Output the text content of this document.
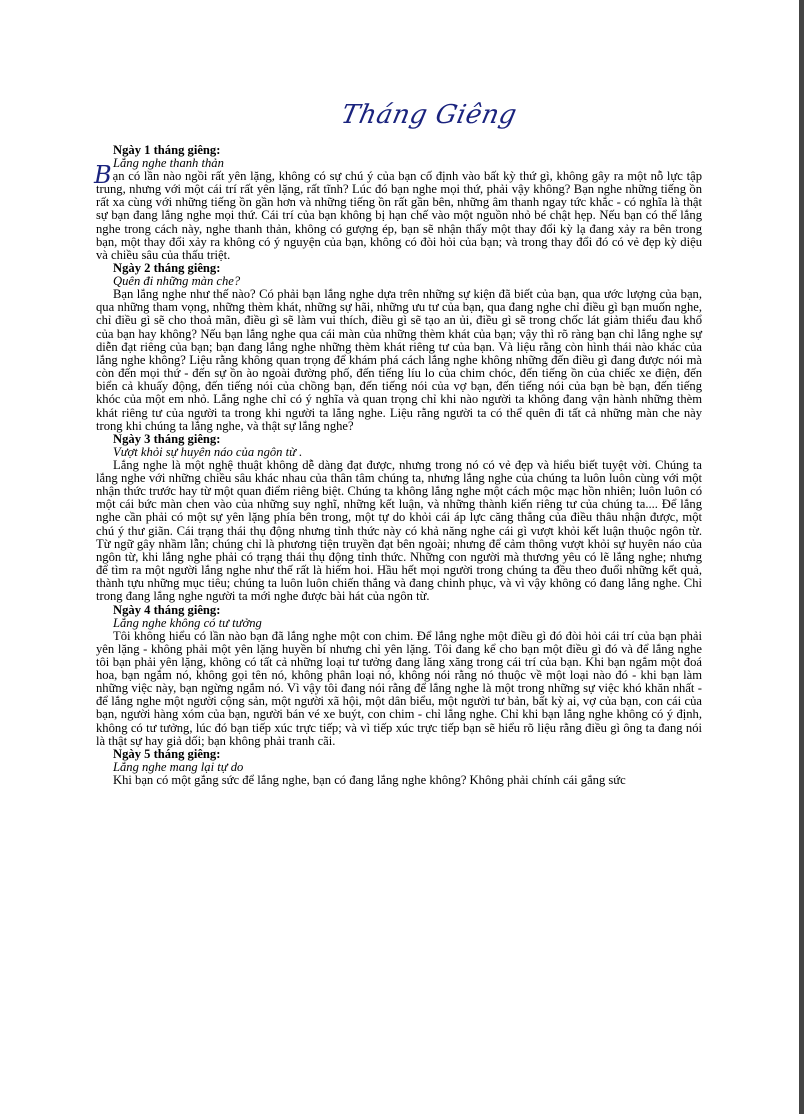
Tháng Giêng

Ngày 1 tháng giêng:

Lắng nghe thanh thản

Bạn có lần nào ngồi rất yên lặng, không có sự chú ý của bạn cố định vào bất kỳ thứ gì, không gây ra một nỗ lực tập trung, nhưng với một cái trí rất yên lặng, rất tĩnh? Lúc đó bạn nghe mọi thứ, phải vậy không? Bạn nghe những tiếng ồn rất xa cùng với những tiếng ồn gần hơn và những tiếng ồn rất gần bên, những âm thanh ngay tức khắc - có nghĩa là thật sự bạn đang lắng nghe mọi thứ. Cái trí của bạn không bị hạn chế vào một nguồn nhỏ bé chật hẹp. Nếu bạn có thể lắng nghe trong cách này, nghe thanh thản, không có gượng ép, bạn sẽ nhận thấy một thay đổi kỳ lạ đang xảy ra bên trong bạn, một thay đổi xảy ra không có ý nguyện của bạn, không có đòi hỏi của bạn; và trong thay đổi đó có vẻ đẹp kỳ diệu và chiều sâu của thấu triệt.

Ngày 2 tháng giêng:

Quên đi những màn che?

Bạn lắng nghe như thế nào? Có phải bạn lắng nghe dựa trên những sự kiện đã biết của bạn, qua ước lượng của bạn, qua những tham vọng, những thèm khát, những sự hãi, những ưu tư của bạn, qua đang nghe chỉ điều gì bạn muốn nghe, chỉ điều gì sẽ cho thoả mãn, điều gì sẽ làm vui thích, điều gì sẽ tạo an ủi, điều gì sẽ trong chốc lát giảm thiểu đau khổ của bạn hay không? Nếu bạn lắng nghe qua cái màn của những thèm khát của bạn; vậy thì rõ ràng bạn chỉ lắng nghe sự diễn đạt riêng của bạn; bạn đang lắng nghe những thèm khát riêng tư của bạn. Và liệu rằng còn hình thái nào khác của lắng nghe không? Liệu rằng không quan trọng để khám phá cách lắng nghe không những đến điều gì đang được nói mà còn đến mọi thứ - đến sự ồn ào ngoài đường phố, đến tiếng líu lo của chim chóc, đến tiếng ồn của chiếc xe điện, đến biển cả khuấy động, đến tiếng nói của chồng bạn, đến tiếng nói của vợ bạn, đến tiếng nói của bạn bè bạn, đến tiếng khóc của một em nhỏ. Lắng nghe chỉ có ý nghĩa và quan trọng chỉ khi nào người ta không đang vận hành những thèm khát riêng tư của người ta trong khi người ta lắng nghe. Liệu rằng người ta có thể quên đi tất cả những màn che này trong khi chúng ta lắng nghe, và thật sự lắng nghe?

Ngày 3 tháng giêng:

Vượt khỏi sự huyên náo của ngôn từ .

Lắng nghe là một nghệ thuật không dễ dàng đạt được, nhưng trong nó có vẻ đẹp và hiểu biết tuyệt vời. Chúng ta lắng nghe với những chiều sâu khác nhau của thân tâm chúng ta, nhưng lắng nghe của chúng ta luôn luôn cùng với một nhận thức trước hay từ một quan điểm riêng biệt. Chúng ta không lắng nghe một cách mộc mạc hồn nhiên; luôn luôn có một cái bức màn chen vào của những suy nghĩ, những kết luận, và những thành kiến riêng tư của chúng ta.... Để lắng nghe cần phải có một sự yên lặng phía bên trong, một tự do khỏi cái áp lực căng thẳng của điều thâu nhận được, một chú ý thư giãn. Cái trạng thái thụ động nhưng tỉnh thức này có khả năng nghe cái gì vượt khỏi kết luận thuộc ngôn từ. Từ ngữ gây nhầm lẫn; chúng chỉ là phương tiện truyền đạt bên ngoài; nhưng để cảm thông vượt khỏi sự huyên náo của ngôn từ, khi lắng nghe phải có trạng thái thụ động tỉnh thức. Những con người mà thương yêu có lẽ lắng nghe; nhưng để tìm ra một người lắng nghe như thế rất là hiếm hoi. Hầu hết mọi người trong chúng ta đều theo đuổi những kết quả, thành tựu những mục tiêu; chúng ta luôn luôn chiến thắng và đang chinh phục, và vì vậy không có đang lắng nghe. Chỉ trong đang lắng nghe người ta mới nghe được bài hát của ngôn từ.

Ngày 4 tháng giêng:

Lắng nghe không có tư tưởng

Tôi không hiểu có lần nào bạn đã lắng nghe một con chim. Để lắng nghe một điều gì đó đòi hỏi cái trí của bạn phải yên lặng - không phải một yên lặng huyền bí nhưng chỉ yên lặng. Tôi đang kể cho bạn một điều gì đó và để lắng nghe tôi bạn phải yên lặng, không có tất cả những loại tư tưởng đang lăng xăng trong cái trí của bạn. Khi bạn ngắm một đoá hoa, bạn ngắm nó, không gọi tên nó, không phân loại nó, không nói rằng nó thuộc về một loại nào đó - khi bạn làm những việc này, bạn ngừng ngắm nó. Vì vậy tôi đang nói rằng để lắng nghe là một trong những sự việc khó khăn nhất - để lắng nghe một người cộng sản, một người xã hội, một dân biểu, một người tư bản, bất kỳ ai, vợ của bạn, con cái của bạn, người hàng xóm của bạn, người bán vé xe buýt, con chim - chỉ lắng nghe. Chỉ khi bạn lắng nghe không có ý định, không có tư tưởng, lúc đó bạn tiếp xúc trực tiếp; và vì tiếp xúc trực tiếp bạn sẽ hiểu rõ liệu rằng điều gì ông ta đang nói là thật sự hay giả dối; bạn không phải tranh cãi.

Ngày 5 tháng giêng:

Lắng nghe mang lại tự do

Khi bạn có một gắng sức để lắng nghe, bạn có đang lắng nghe không? Không phải chính cái gắng sức
